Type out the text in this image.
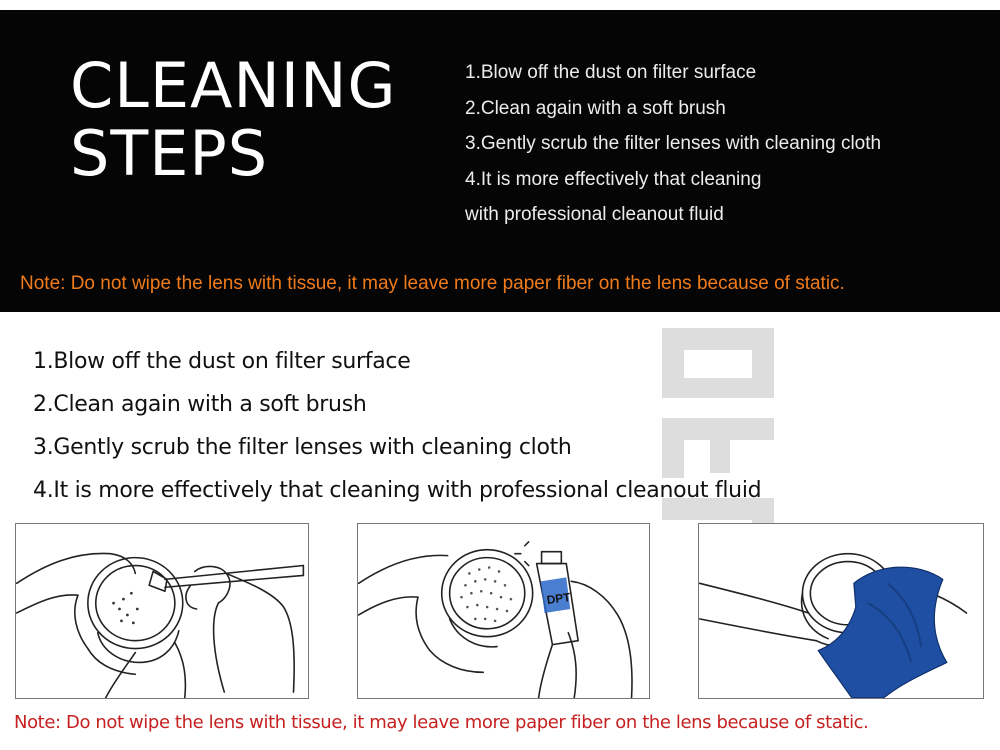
CLEANING
STEPS
1.Blow off the dust on filter surface
2.Clean again with a soft brush
3.Gently scrub the filter lenses with cleaning cloth
4.It is more effectively that cleaning
with professional cleanout fluid

Note: Do not wipe the lens with tissue, it may leave more paper fiber on the lens because of static.

1.Blow off the dust on filter surface
2.Clean again with a soft brush
3.Gently scrub the filter lenses with cleaning cloth
4.It is more effectively that cleaning with professional cleanout fluid
DPT

Note: Do not wipe the lens with tissue, it may leave more paper fiber on the lens because of static.
